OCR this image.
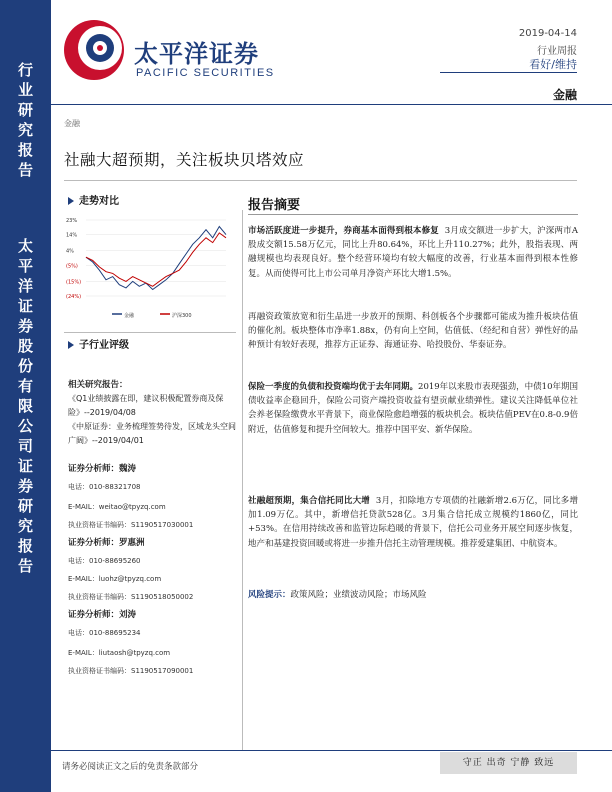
行
业
研
究
报
告
太
平
洋
证
券
股
份
有
限
公
司
证
券
研
究
报
告
太平洋证券
PACIFIC SECURITIES
2019-04-14
行业周报
看好/维持
金融
金融
社融大超预期，关注板块贝塔效应
走势对比
23%
14%
4%
(5%)
(15%)
(24%)
金融	沪深300
子行业评级
相关研究报告：
《Q1业绩披露在即，建议积极配置券商及保险》--2019/04/08
《中原证券：业务梳理签势待发，区域龙头空间广阔》--2019/04/01
证券分析师：魏涛
电话：010-88321708
E-MAIL：weitao@tpyzq.com
执业资格证书编码：S1190517030001
证券分析师：罗惠洲
电话：010-88695260
E-MAIL：luohz@tpyzq.com
执业资格证书编码：S1190518050002
证券分析师：刘涛
电话：010-88695234
E-MAIL：liutaosh@tpyzq.com
执业资格证书编码：S1190517090001
报告摘要
市场活跃度进一步提升，券商基本面得到根本修复 3月成交额进一步扩大，沪深两市A股成交额15.58万亿元，同比上升80.64%，环比上升110.27%；此外，股指表现、两融规模也均表现良好。整个经营环境均有较大幅度的改善，行业基本面得到根本性修复。从而使得可比上市公司单月净资产环比大增1.5%。
再融资政策放宽和衍生品进一步放开的预期、科创板各个步骤都可能成为推升板块估值的催化剂。板块整体市净率1.88x，仍有向上空间，估值低、（经纪和自营）弹性好的品种预计有较好表现，推荐方正证券、海通证券、哈投股份、华泰证券。
保险一季度的负债和投资端均优于去年同期。2019年以来股市表现强劲，中债10年期国债收益率企稳回升，保险公司资产端投资收益有望贡献业绩弹性。建议关注降低单位社会养老保险缴费水平背景下，商业保险愈趋增强的板块机会。板块估值PEV在0.8-0.9倍附近，估值修复和提升空间较大。推荐中国平安、新华保险。
社融超预期，集合信托同比大增 3月，扣除地方专项债的社融新增2.6万亿，同比多增加1.09万亿。其中，新增信托贷款528亿。3月集合信托成立规模约1860亿，同比+53%。在信用持续改善和监管边际趋暖的背景下，信托公司业务开展空间逐步恢复，地产和基建投资回暖或将进一步推升信托主动管理规模。推荐爱建集团、中航资本。
风险提示：政策风险；业绩波动风险；市场风险
请务必阅读正文之后的免责条款部分	守正 出奇 宁静 致远
